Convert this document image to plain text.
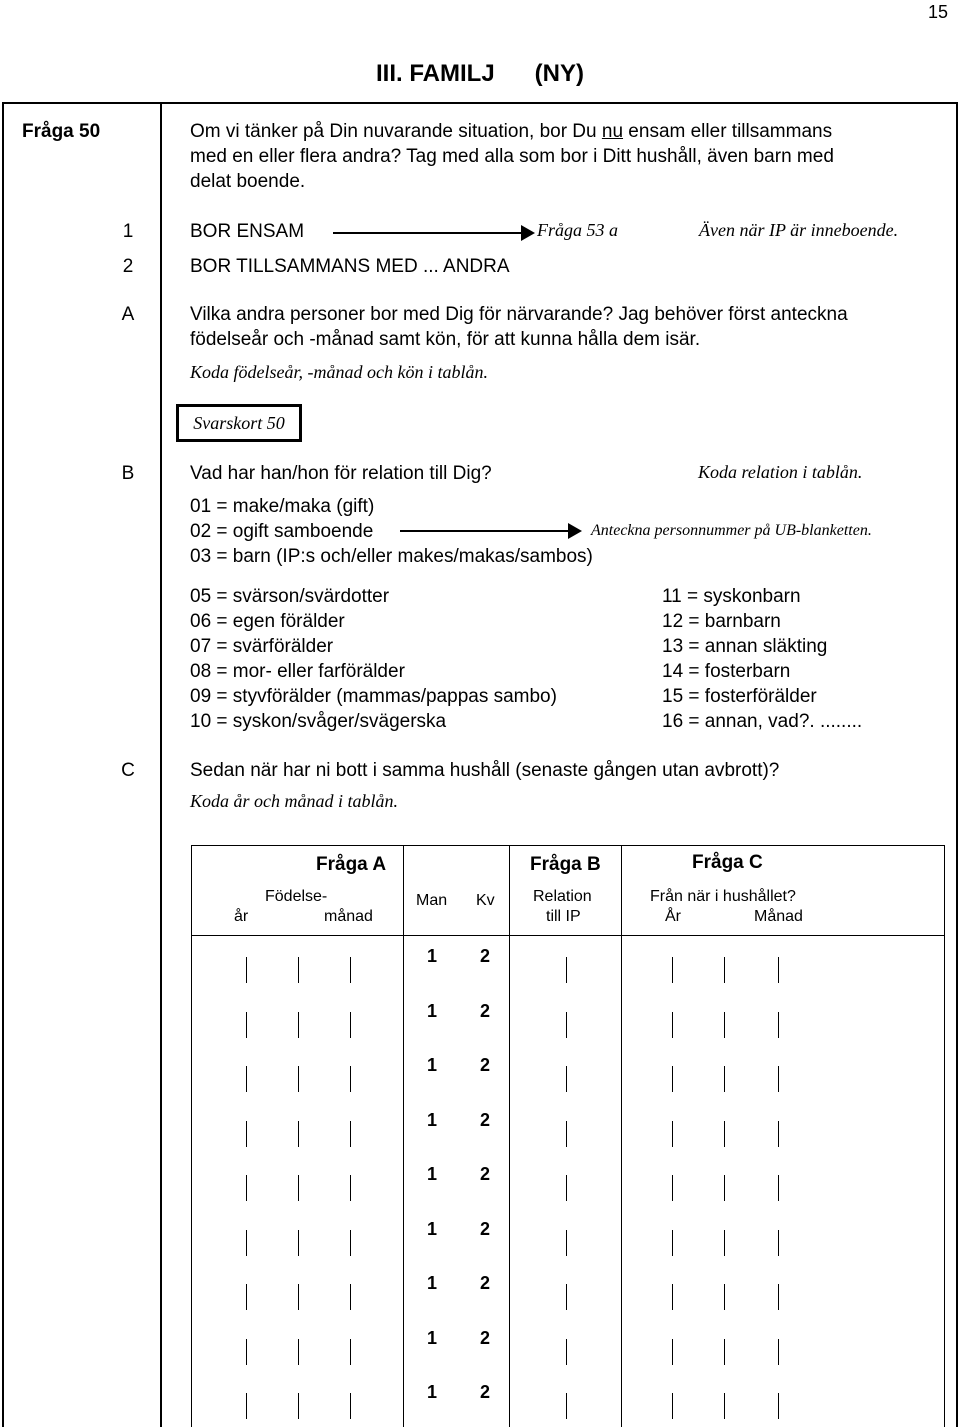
15
III. FAMILJ (NY)
Fråga 50	Om vi tänker på Din nuvarande situation, bor Du nu ensam eller tillsammans
med en eller flera andra? Tag med alla som bor i Ditt hushåll, även barn med
delat boende.
1	BOR ENSAM	Fråga 53 a	Även när IP är inneboende.
2	BOR TILLSAMMANS MED ... ANDRA
A	Vilka andra personer bor med Dig för närvarande? Jag behöver först anteckna
födelseår och -månad samt kön, för att kunna hålla dem isär.
Koda födelseår, -månad och kön i tablån.
Svarskort 50
B	Vad har han/hon för relation till Dig?	Koda relation i tablån.
01 = make/maka (gift)
02 = ogift samboende	Anteckna personnummer på UB-blanketten.
03 = barn (IP:s och/eller makes/makas/sambos)
05 = svärson/svärdotter
06 = egen förälder
07 = svärförälder
08 = mor- eller farförälder
09 = styvförälder (mammas/pappas sambo)
10 = syskon/svåger/svägerska
11 = syskonbarn
12 = barnbarn
13 = annan släkting
14 = fosterbarn
15 = fosterförälder
16 = annan, vad?. ........
C	Sedan när har ni bott i samma hushåll (senaste gången utan avbrott)?
Koda år och månad i tablån.
Fråga A	Fråga B	Fråga C
Födelse-
år	månad
Man Kv Relation
till IP
Från när i hushållet?
År	Månad
1 2
1 2
1 2
1 2
1 2
1 2
1 2
1 2
1 2
